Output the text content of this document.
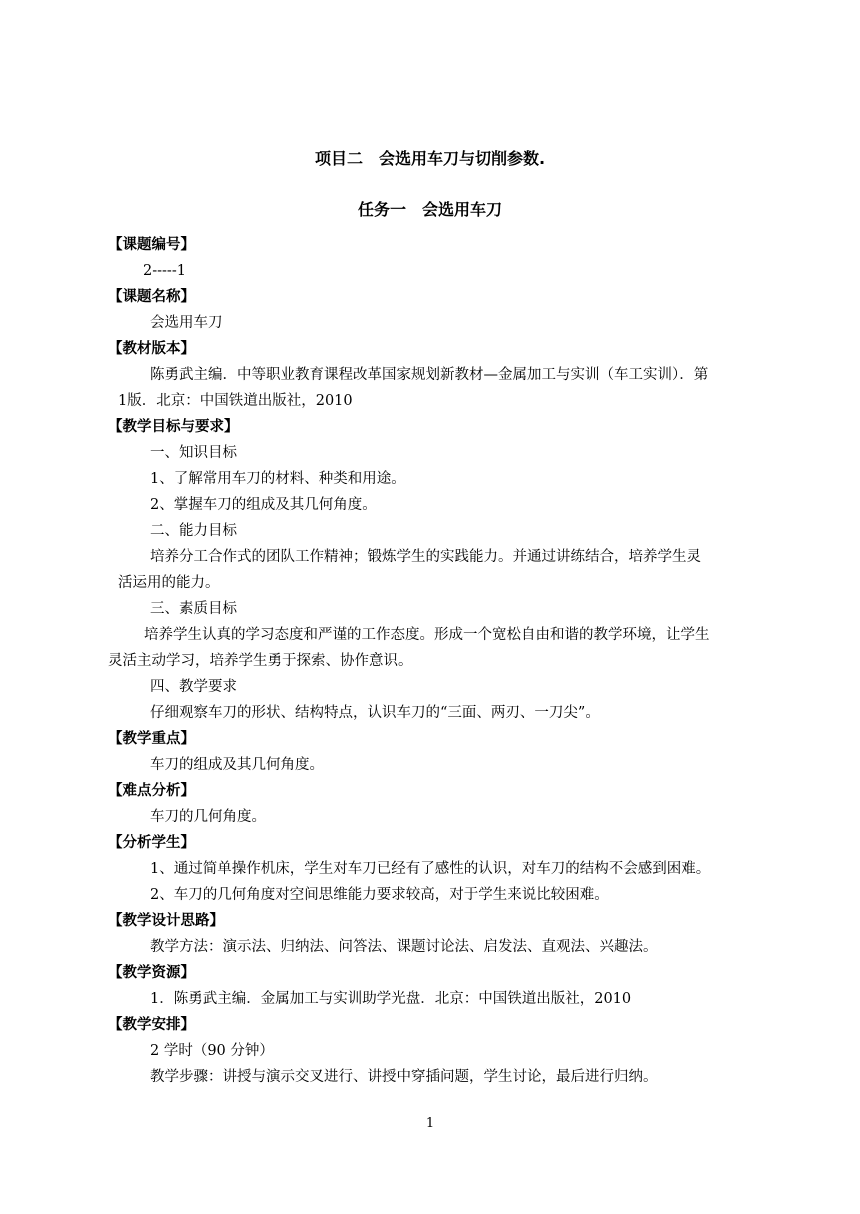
项目二　会选用车刀与切削参数.
任务一　会选用车刀
【课题编号】
2-----1
【课题名称】
会选用车刀
【教材版本】
陈勇武主编．中等职业教育课程改革国家规划新教材—金属加工与实训（车工实训）．第
1版．北京：中国铁道出版社，2010
【教学目标与要求】
一、知识目标
1、了解常用车刀的材料、种类和用途。
2、掌握车刀的组成及其几何角度。
二、能力目标
培养分工合作式的团队工作精神；锻炼学生的实践能力。并通过讲练结合，培养学生灵
活运用的能力。
三、素质目标
培养学生认真的学习态度和严谨的工作态度。形成一个宽松自由和谐的教学环境，让学生
灵活主动学习，培养学生勇于探索、协作意识。
四、教学要求
仔细观察车刀的形状、结构特点，认识车刀的“三面、两刃、一刀尖”。
【教学重点】
车刀的组成及其几何角度。
【难点分析】
车刀的几何角度。
【分析学生】
1、通过简单操作机床，学生对车刀已经有了感性的认识，对车刀的结构不会感到困难。
2、车刀的几何角度对空间思维能力要求较高，对于学生来说比较困难。
【教学设计思路】
教学方法：演示法、归纳法、问答法、课题讨论法、启发法、直观法、兴趣法。
【教学资源】
1．陈勇武主编．金属加工与实训助学光盘．北京：中国铁道出版社，2010
【教学安排】
2 学时（90 分钟）
教学步骤：讲授与演示交叉进行、讲授中穿插问题，学生讨论，最后进行归纳。
1
